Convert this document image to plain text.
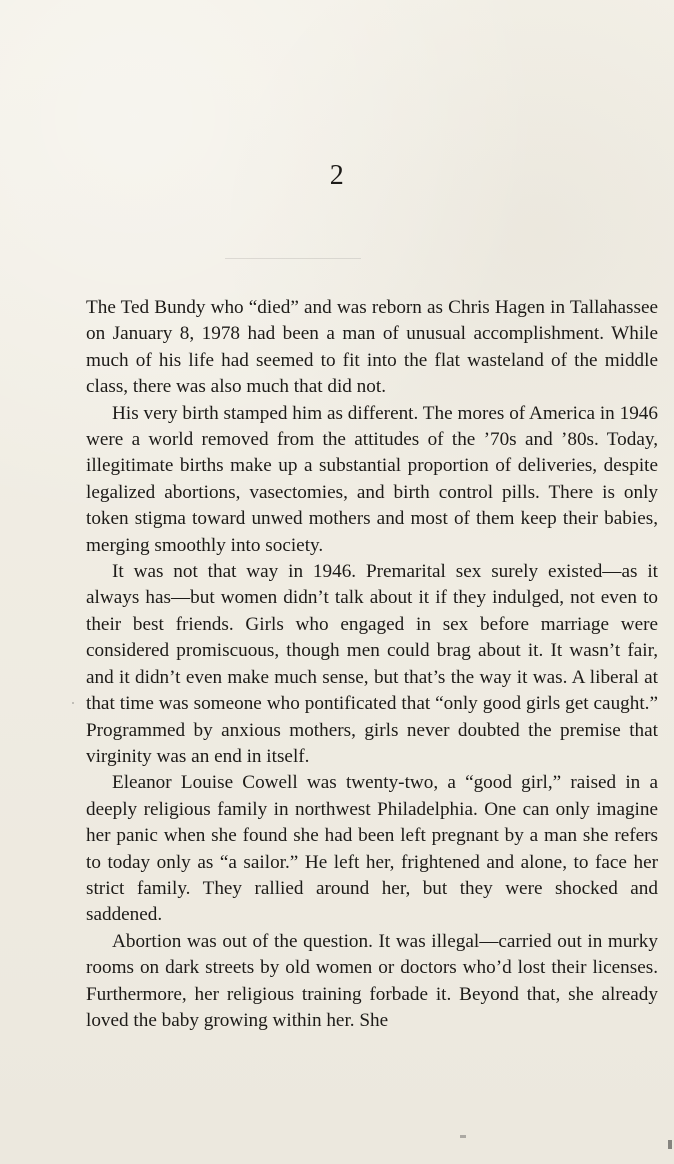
2

The Ted Bundy who “died” and was reborn as Chris Hagen in Tallahassee on January 8, 1978 had been a man of unusual accomplishment. While much of his life had seemed to fit into the flat wasteland of the middle class, there was also much that did not.

His very birth stamped him as different. The mores of America in 1946 were a world removed from the attitudes of the ’70s and ’80s. Today, illegitimate births make up a substantial proportion of deliveries, despite legalized abortions, vasectomies, and birth control pills. There is only token stigma toward unwed mothers and most of them keep their babies, merging smoothly into society.

It was not that way in 1946. Premarital sex surely existed—as it always has—but women didn’t talk about it if they indulged, not even to their best friends. Girls who engaged in sex before marriage were considered promiscuous, though men could brag about it. It wasn’t fair, and it didn’t even make much sense, but that’s the way it was. A liberal at that time was someone who pontificated that “only good girls get caught.” Programmed by anxious mothers, girls never doubted the premise that virginity was an end in itself.

Eleanor Louise Cowell was twenty-two, a “good girl,” raised in a deeply religious family in northwest Philadelphia. One can only imagine her panic when she found she had been left pregnant by a man she refers to today only as “a sailor.” He left her, frightened and alone, to face her strict family. They rallied around her, but they were shocked and saddened.

Abortion was out of the question. It was illegal—carried out in murky rooms on dark streets by old women or doctors who’d lost their licenses. Furthermore, her religious training forbade it. Beyond that, she already loved the baby growing within her. She
